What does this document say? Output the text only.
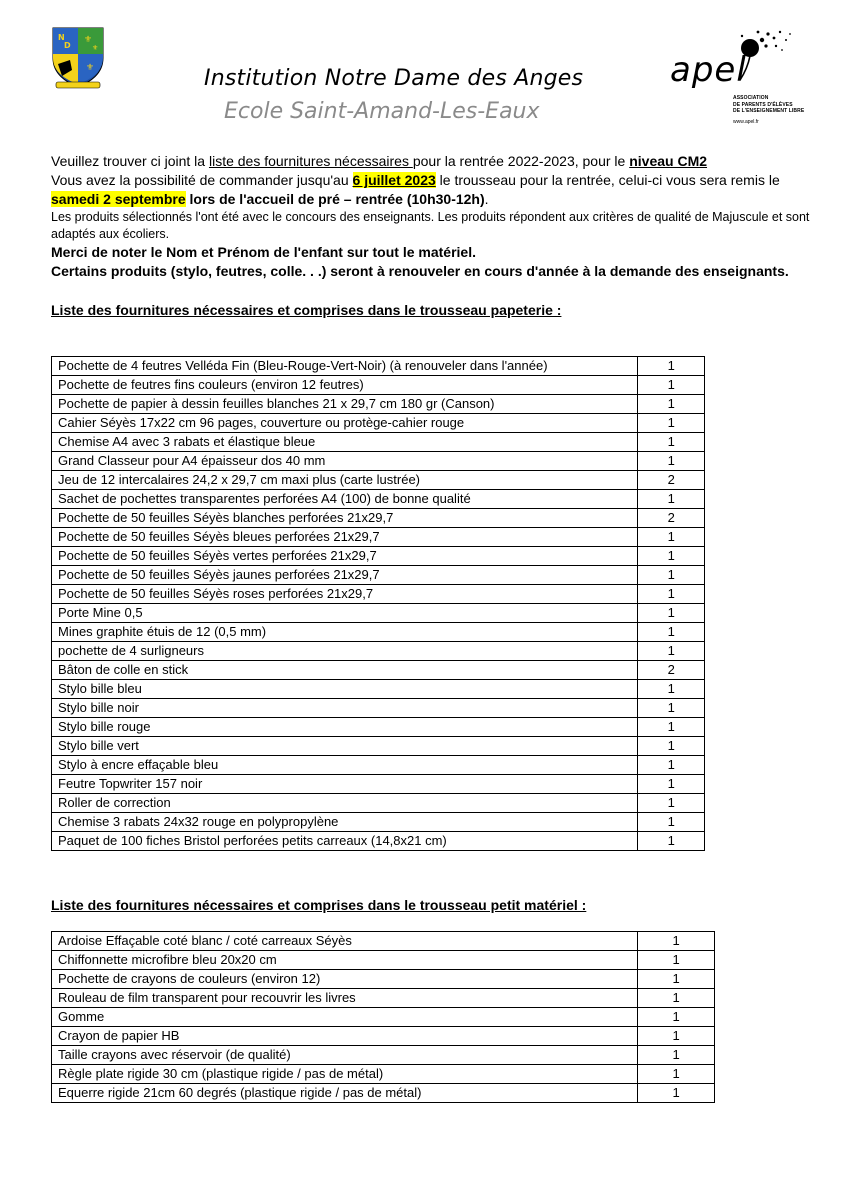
N
D
⚜
⚜
⚜	Institution Notre Dame des Anges
Ecole Saint-Amand-Les-Eaux
apel
ASSOCIATION
DE PARENTS D'ÉLÈVES
DE L'ENSEIGNEMENT LIBRE
www.apel.fr

Veuillez trouver ci joint la liste des fournitures nécessaires pour la rentrée 2022-2023, pour le niveau CM2

Vous avez la possibilité de commander jusqu'au 6 juillet 2023 le trousseau pour la rentrée, celui-ci vous sera remis le

samedi 2 septembre lors de l'accueil de pré – rentrée (10h30-12h).

Les produits sélectionnés l'ont été avec le concours des enseignants. Les produits répondent aux critères de qualité de Majuscule et sont adaptés aux écoliers.

Merci de noter le Nom et Prénom de l'enfant sur tout le matériel.

Certains produits (stylo, feutres, colle. . .) seront à renouveler en cours d'année à la demande des enseignants.

Liste des fournitures nécessaires et comprises dans le trousseau papeterie :
Pochette de 4 feutres Velléda Fin (Bleu-Rouge-Vert-Noir) (à renouveler dans l'année)	1
Pochette de feutres fins couleurs (environ 12 feutres)	1
Pochette de papier à dessin feuilles blanches 21 x 29,7 cm 180 gr (Canson)	1
Cahier Séyès 17x22 cm 96 pages, couverture ou protège-cahier rouge	1
Chemise A4 avec 3 rabats et élastique bleue	1
Grand Classeur pour A4 épaisseur dos 40 mm	1
Jeu de 12 intercalaires 24,2 x 29,7 cm maxi plus (carte lustrée)	2
Sachet de pochettes transparentes perforées A4 (100) de bonne qualité	1
Pochette de 50 feuilles Séyès blanches perforées 21x29,7	2
Pochette de 50 feuilles Séyès bleues perforées 21x29,7	1
Pochette de 50 feuilles Séyès vertes perforées 21x29,7	1
Pochette de 50 feuilles Séyès jaunes perforées 21x29,7	1
Pochette de 50 feuilles Séyès roses perforées 21x29,7	1
Porte Mine 0,5	1
Mines graphite étuis de 12 (0,5 mm)	1
pochette de 4 surligneurs	1
Bâton de colle en stick	2
Stylo bille bleu	1
Stylo bille noir	1
Stylo bille rouge	1
Stylo bille vert	1
Stylo à encre effaçable bleu	1
Feutre Topwriter 157 noir	1
Roller de correction	1
Chemise 3 rabats 24x32 rouge en polypropylène	1
Paquet de 100 fiches Bristol perforées petits carreaux (14,8x21 cm)	1
Liste des fournitures nécessaires et comprises dans le trousseau petit matériel :
Ardoise Effaçable coté blanc / coté carreaux Séyès	1
Chiffonnette microfibre bleu 20x20 cm	1
Pochette de crayons de couleurs (environ 12)	1
Rouleau de film transparent pour recouvrir les livres	1
Gomme	1
Crayon de papier HB	1
Taille crayons avec réservoir (de qualité)	1
Règle plate rigide 30 cm (plastique rigide / pas de métal)	1
Equerre rigide 21cm 60 degrés (plastique rigide / pas de métal)	1
